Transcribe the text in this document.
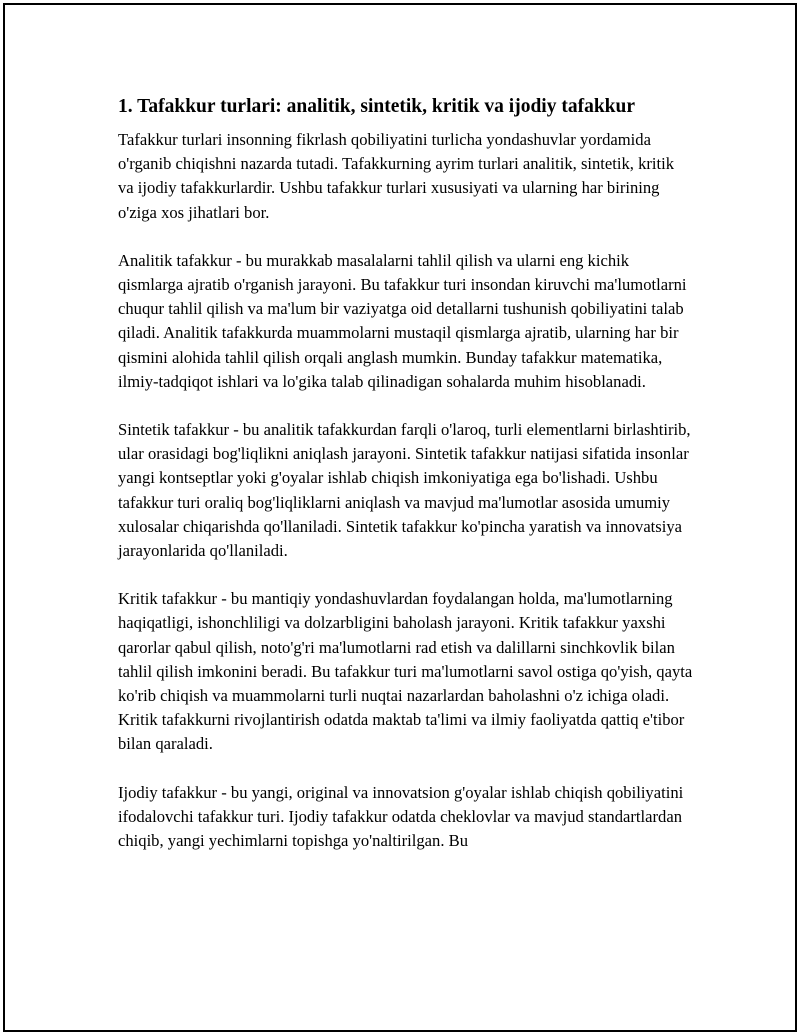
1. Tafakkur turlari: analitik, sintetik, kritik va ijodiy tafakkur

Tafakkur turlari insonning fikrlash qobiliyatini turlicha yondashuvlar yordamida o'rganib chiqishni nazarda tutadi. Tafakkurning ayrim turlari analitik, sintetik, kritik va ijodiy tafakkurlardir. Ushbu tafakkur turlari xususiyati va ularning har birining o'ziga xos jihatlari bor.

Analitik tafakkur - bu murakkab masalalarni tahlil qilish va ularni eng kichik qismlarga ajratib o'rganish jarayoni. Bu tafakkur turi insondan kiruvchi ma'lumotlarni chuqur tahlil qilish va ma'lum bir vaziyatga oid detallarni tushunish qobiliyatini talab qiladi. Analitik tafakkurda muammolarni mustaqil qismlarga ajratib, ularning har bir qismini alohida tahlil qilish orqali anglash mumkin. Bunday tafakkur matematika, ilmiy-tadqiqot ishlari va lo'gika talab qilinadigan sohalarda muhim hisoblanadi.

Sintetik tafakkur - bu analitik tafakkurdan farqli o'laroq, turli elementlarni birlashtirib, ular orasidagi bog'liqlikni aniqlash jarayoni. Sintetik tafakkur natijasi sifatida insonlar yangi kontseptlar yoki g'oyalar ishlab chiqish imkoniyatiga ega bo'lishadi. Ushbu tafakkur turi oraliq bog'liqliklarni aniqlash va mavjud ma'lumotlar asosida umumiy xulosalar chiqarishda qo'llaniladi. Sintetik tafakkur ko'pincha yaratish va innovatsiya jarayonlarida qo'llaniladi.

Kritik tafakkur - bu mantiqiy yondashuvlardan foydalangan holda, ma'lumotlarning haqiqatligi, ishonchliligi va dolzarbligini baholash jarayoni. Kritik tafakkur yaxshi qarorlar qabul qilish, noto'g'ri ma'lumotlarni rad etish va dalillarni sinchkovlik bilan tahlil qilish imkonini beradi. Bu tafakkur turi ma'lumotlarni savol ostiga qo'yish, qayta ko'rib chiqish va muammolarni turli nuqtai nazarlardan baholashni o'z ichiga oladi. Kritik tafakkurni rivojlantirish odatda maktab ta'limi va ilmiy faoliyatda qattiq e'tibor bilan qaraladi.

Ijodiy tafakkur - bu yangi, original va innovatsion g'oyalar ishlab chiqish qobiliyatini ifodalovchi tafakkur turi. Ijodiy tafakkur odatda cheklovlar va mavjud standartlardan chiqib, yangi yechimlarni topishga yo'naltirilgan. Bu
